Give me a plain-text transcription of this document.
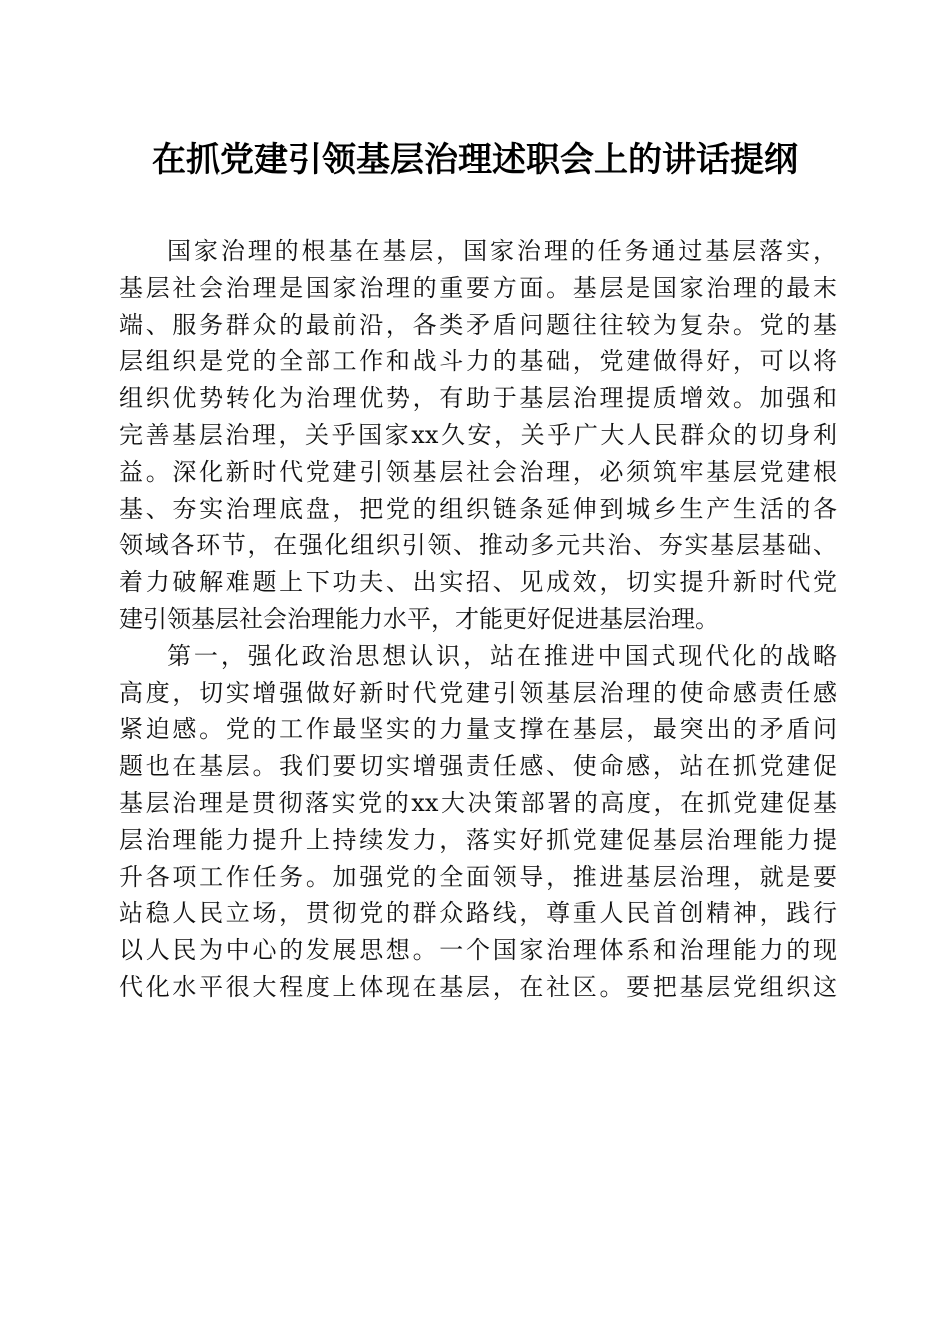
在抓党建引领基层治理述职会上的讲话提纲
国家治理的根基在基层，国家治理的任务通过基层落实，
基层社会治理是国家治理的重要方面。基层是国家治理的最末
端、服务群众的最前沿，各类矛盾问题往往较为复杂。党的基
层组织是党的全部工作和战斗力的基础，党建做得好，可以将
组织优势转化为治理优势，有助于基层治理提质增效。加强和
完善基层治理，关乎国家xx久安，关乎广大人民群众的切身利
益。深化新时代党建引领基层社会治理，必须筑牢基层党建根
基、夯实治理底盘，把党的组织链条延伸到城乡生产生活的各
领域各环节，在强化组织引领、推动多元共治、夯实基层基础、
着力破解难题上下功夫、出实招、见成效，切实提升新时代党
建引领基层社会治理能力水平，才能更好促进基层治理。
第一，强化政治思想认识，站在推进中国式现代化的战略
高度，切实增强做好新时代党建引领基层治理的使命感责任感
紧迫感。党的工作最坚实的力量支撑在基层，最突出的矛盾问
题也在基层。我们要切实增强责任感、使命感，站在抓党建促
基层治理是贯彻落实党的xx大决策部署的高度，在抓党建促基
层治理能力提升上持续发力，落实好抓党建促基层治理能力提
升各项工作任务。加强党的全面领导，推进基层治理，就是要
站稳人民立场，贯彻党的群众路线，尊重人民首创精神，践行
以人民为中心的发展思想。一个国家治理体系和治理能力的现
代化水平很大程度上体现在基层，在社区。要把基层党组织这
